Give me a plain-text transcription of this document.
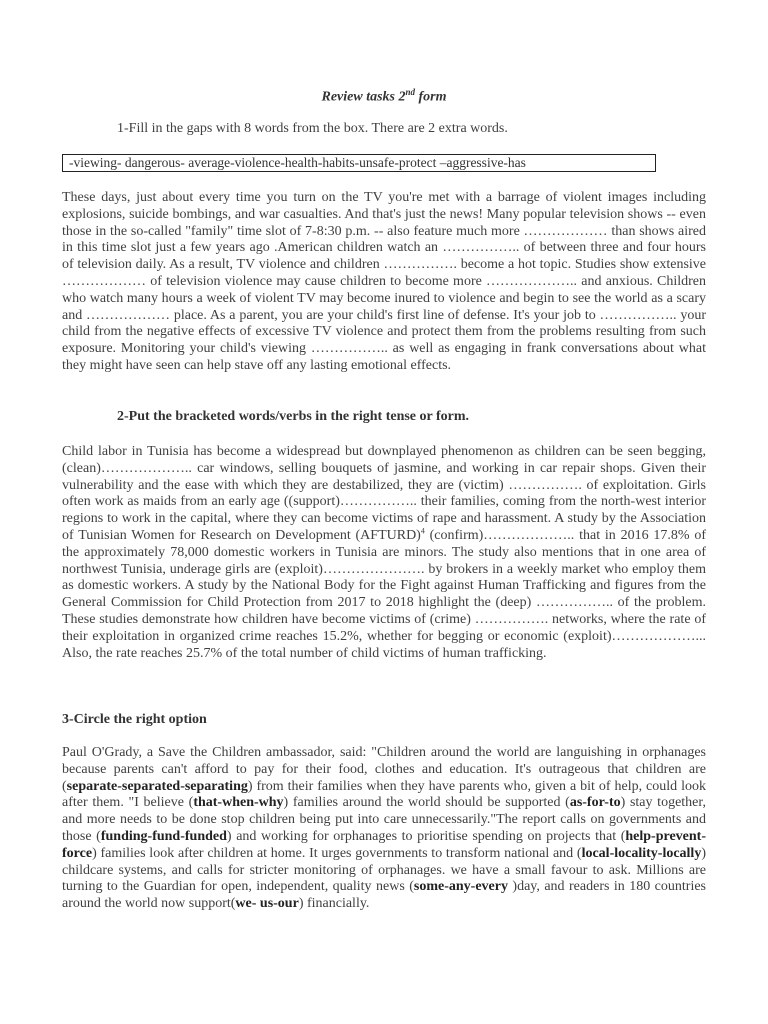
Review tasks 2nd form
1-Fill in the gaps with 8 words from the box. There are 2 extra words.
-viewing- dangerous- average-violence-health-habits-unsafe-protect –aggressive-has
These days, just about every time you turn on the TV you're met with a barrage of violent images including explosions, suicide bombings, and war casualties. And that's just the news! Many popular television shows -- even those in the so-called "family" time slot of 7-8:30 p.m. -- also feature much more ……………… than shows aired in this time slot just a few years ago .American children watch an …………….. of between three and four hours of television daily. As a result, TV violence and children ……………. become a hot topic. Studies show extensive ……………… of television violence may cause children to become more ……………….. and anxious. Children who watch many hours a week of violent TV may become inured to violence and begin to see the world as a scary and ……………… place. As a parent, you are your child's first line of defense. It's your job to …………….. your child from the negative effects of excessive TV violence and protect them from the problems resulting from such exposure. Monitoring your child's viewing …………….. as well as engaging in frank conversations about what they might have seen can help stave off any lasting emotional effects.
2-Put the bracketed words/verbs in the right tense or form.
Child labor in Tunisia has become a widespread but downplayed phenomenon as children can be seen begging, (clean)……………….. car windows, selling bouquets of jasmine, and working in car repair shops. Given their vulnerability and the ease with which they are destabilized, they are (victim) ……………. of exploitation. Girls often work as maids from an early age ((support)…………….. their families, coming from the north-west interior regions to work in the capital, where they can become victims of rape and harassment. A study by the Association of Tunisian Women for Research on Development (AFTURD)$^4$ (confirm)……………….. that in 2016 17.8% of the approximately 78,000 domestic workers in Tunisia are minors. The study also mentions that in one area of northwest Tunisia, underage girls are (exploit)…………………. by brokers in a weekly market who employ them as domestic workers. A study by the National Body for the Fight against Human Trafficking and figures from the General Commission for Child Protection from 2017 to 2018 highlight the (deep) …………….. of the problem. These studies demonstrate how children have become victims of (crime) ……………. networks, where the rate of their exploitation in organized crime reaches 15.2%, whether for begging or economic (exploit)………………... Also, the rate reaches 25.7% of the total number of child victims of human trafficking.
3-Circle the right option
Paul O'Grady, a Save the Children ambassador, said: "Children around the world are languishing in orphanages because parents can't afford to pay for their food, clothes and education. It's outrageous that children are (separate-separated-separating) from their families when they have parents who, given a bit of help, could look after them. "I believe (that-when-why) families around the world should be supported (as-for-to) stay together, and more needs to be done stop children being put into care unnecessarily."The report calls on governments and those (funding-fund-funded) and working for orphanages to prioritise spending on projects that (help-prevent-force) families look after children at home. It urges governments to transform national and (local-locality-locally) childcare systems, and calls for stricter monitoring of orphanages. we have a small favour to ask. Millions are turning to the Guardian for open, independent, quality news (some-any-every )day, and readers in 180 countries around the world now support(we- us-our) financially.
